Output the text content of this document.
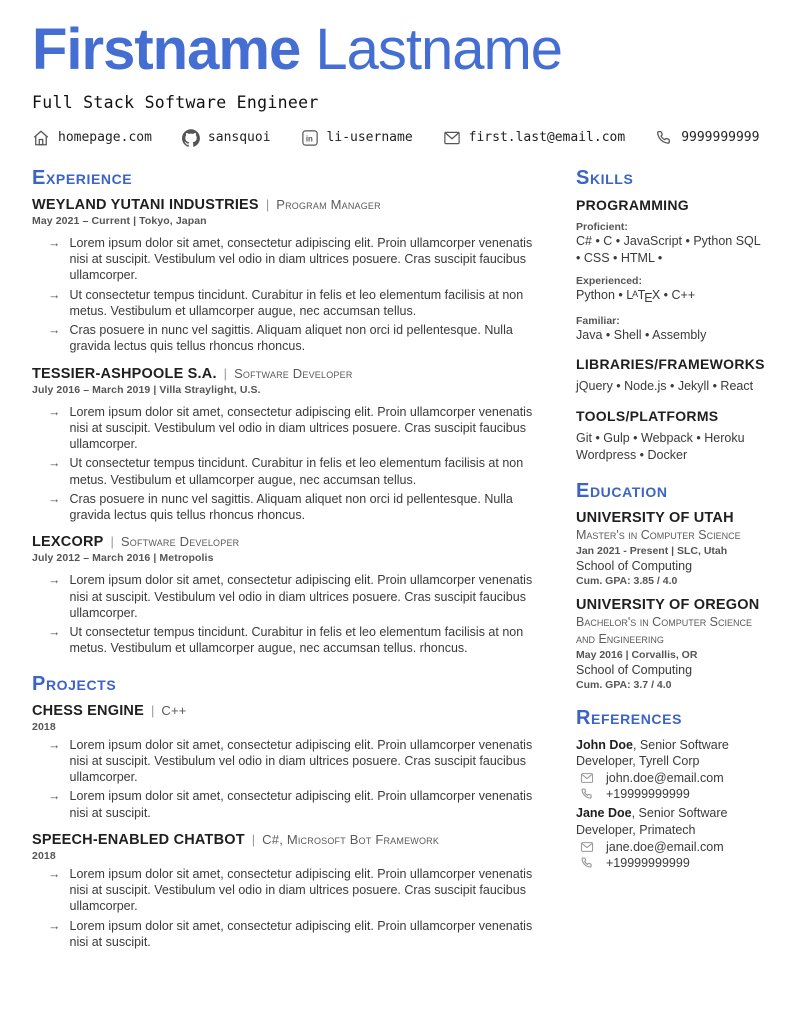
Firstname Lastname
Full Stack Software Engineer
homepage.com	sansquoi	in li-username	first.last@email.com	9999999999
Experience
WEYLAND YUTANI INDUSTRIES | Program Manager
May 2021 – Current | Tokyo, Japan
→ Lorem ipsum dolor sit amet, consectetur adipiscing elit. Proin ullamcorper venenatis nisi at suscipit. Vestibulum vel odio in diam ultrices posuere. Cras suscipit faucibus ullamcorper.
→ Ut consectetur tempus tincidunt. Curabitur in felis et leo elementum facilisis at non metus. Vestibulum et ullamcorper augue, nec accumsan tellus.
→ Cras posuere in nunc vel sagittis. Aliquam aliquet non orci id pellentesque. Nulla gravida lectus quis tellus rhoncus rhoncus.
TESSIER-ASHPOOLE S.A. | Software Developer
July 2016 – March 2019 | Villa Straylight, U.S.
→ Lorem ipsum dolor sit amet, consectetur adipiscing elit. Proin ullamcorper venenatis nisi at suscipit. Vestibulum vel odio in diam ultrices posuere. Cras suscipit faucibus ullamcorper.
→ Ut consectetur tempus tincidunt. Curabitur in felis et leo elementum facilisis at non metus. Vestibulum et ullamcorper augue, nec accumsan tellus.
→ Cras posuere in nunc vel sagittis. Aliquam aliquet non orci id pellentesque. Nulla gravida lectus quis tellus rhoncus rhoncus.
LEXCORP | Software Developer
July 2012 – March 2016 | Metropolis
→ Lorem ipsum dolor sit amet, consectetur adipiscing elit. Proin ullamcorper venenatis nisi at suscipit. Vestibulum vel odio in diam ultrices posuere. Cras suscipit faucibus ullamcorper.
→ Ut consectetur tempus tincidunt. Curabitur in felis et leo elementum facilisis at non metus. Vestibulum et ullamcorper augue, nec accumsan tellus. rhoncus.
Projects
CHESS ENGINE | C++
2018
→ Lorem ipsum dolor sit amet, consectetur adipiscing elit. Proin ullamcorper venenatis nisi at suscipit. Vestibulum vel odio in diam ultrices posuere. Cras suscipit faucibus ullamcorper.
→ Lorem ipsum dolor sit amet, consectetur adipiscing elit. Proin ullamcorper venenatis nisi at suscipit.
SPEECH-ENABLED CHATBOT | C#, Microsoft Bot Framework
2018
→ Lorem ipsum dolor sit amet, consectetur adipiscing elit. Proin ullamcorper venenatis nisi at suscipit. Vestibulum vel odio in diam ultrices posuere. Cras suscipit faucibus ullamcorper.
→ Lorem ipsum dolor sit amet, consectetur adipiscing elit. Proin ullamcorper venenatis nisi at suscipit.
Skills
PROGRAMMING
Proficient:
C# • C • JavaScript • Python SQL • CSS • HTML •
Experienced:
Python • LATEX • C++
Familiar:
Java • Shell • Assembly
LIBRARIES/FRAMEWORKS
jQuery • Node.js • Jekyll • React
TOOLS/PLATFORMS
Git • Gulp • Webpack • Heroku Wordpress • Docker
Education
UNIVERSITY OF UTAH
Master's in Computer Science
Jan 2021 - Present | SLC, Utah
School of Computing
Cum. GPA: 3.85 / 4.0
UNIVERSITY OF OREGON
Bachelor's in Computer Science and Engineering
May 2016 | Corvallis, OR
School of Computing
Cum. GPA: 3.7 / 4.0
References
John Doe, Senior Software Developer, Tyrell Corp
john.doe@email.com
+19999999999
Jane Doe, Senior Software Developer, Primatech
jane.doe@email.com
+19999999999
